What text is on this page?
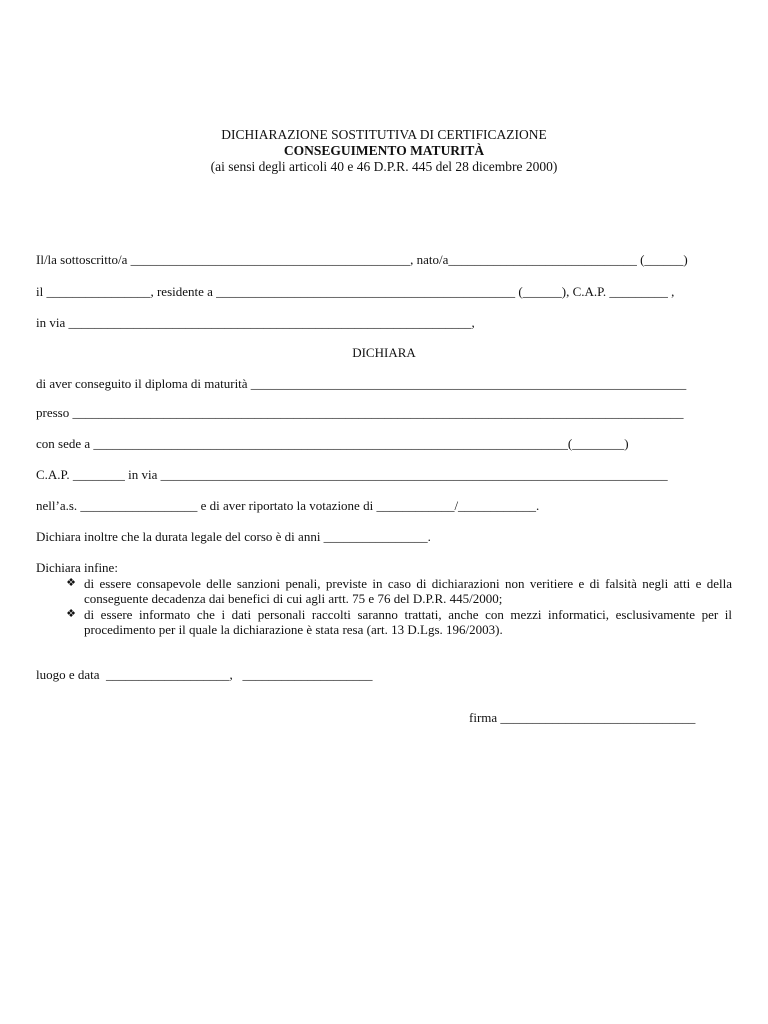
DICHIARAZIONE SOSTITUTIVA DI CERTIFICAZIONE
CONSEGUIMENTO MATURITÀ
(ai sensi degli articoli 40 e 46 D.P.R. 445 del 28 dicembre 2000)
Il/la sottoscritto/a ___________________________________________, nato/a_____________________________ (______)
il ________________, residente a ______________________________________________ (______), C.A.P. _________ ,
in via ______________________________________________________________,
DICHIARA
di aver conseguito il diploma di maturità ___________________________________________________________________
presso ______________________________________________________________________________________________
con sede a _________________________________________________________________________(________)
C.A.P. ________ in via ______________________________________________________________________________
nell’a.s. __________________ e di aver riportato la votazione di ____________/____________.
Dichiara inoltre che la durata legale del corso è di anni ________________.
Dichiara infine:
❖ di essere consapevole delle sanzioni penali, previste in caso di dichiarazioni non veritiere e di falsità negli atti e della conseguente decadenza dai benefici di cui agli artt. 75 e 76 del D.P.R. 445/2000;
❖ di essere informato che i dati personali raccolti saranno trattati, anche con mezzi informatici, esclusivamente per il procedimento per il quale la dichiarazione è stata resa (art. 13 D.Lgs. 196/2003).
luogo e data  ___________________,   ____________________
firma ______________________________
